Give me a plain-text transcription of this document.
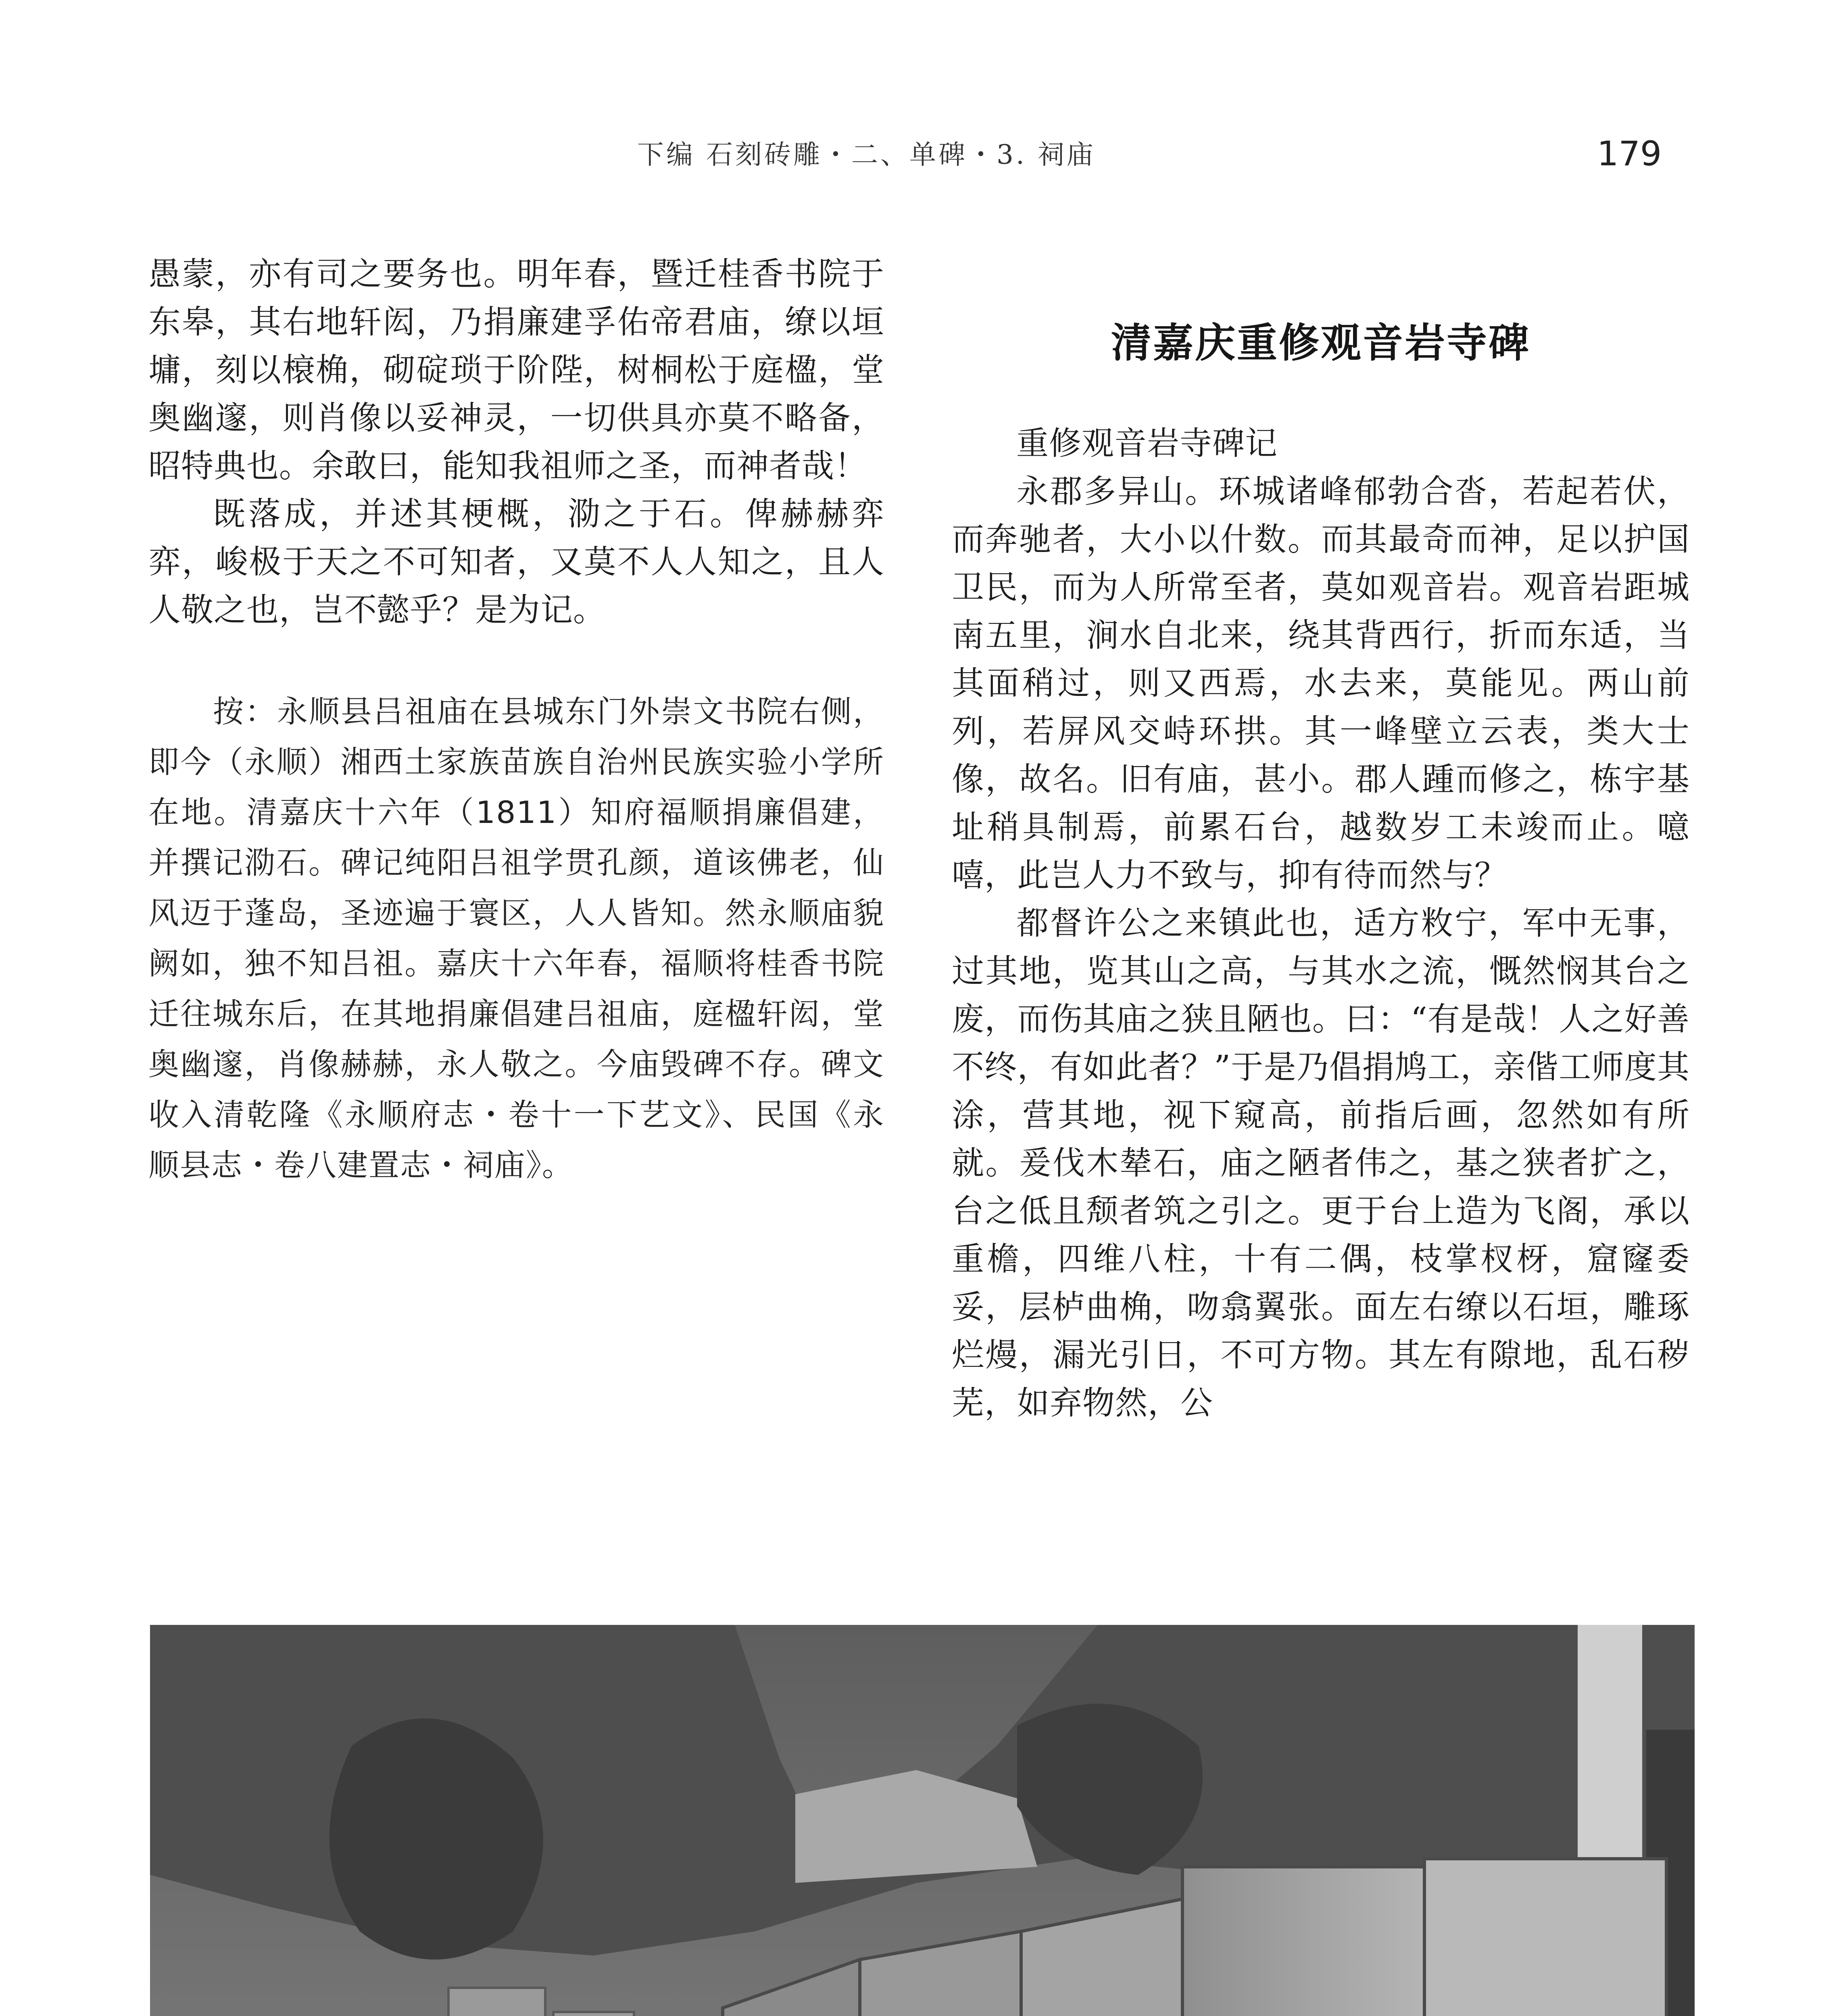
下编 石刻砖雕・二、单碑・3. 祠庙	179

愚蒙，亦有司之要务也。明年春，暨迁桂香书院于东皋，其右地轩闳，乃捐廉建孚佑帝君庙，缭以垣墉，刻以榱桷，砌碇琐于阶陛，树桐松于庭楹，堂奥幽邃，则肖像以妥神灵，一切供具亦莫不略备，昭特典也。余敢曰，能知我祖师之圣，而神者哉！

既落成，并述其梗概，泐之于石。俾赫赫弈弈，峻极于天之不可知者，又莫不人人知之，且人人敬之也，岂不懿乎？是为记。

按：永顺县吕祖庙在县城东门外崇文书院右侧，即今（永顺）湘西土家族苗族自治州民族实验小学所在地。清嘉庆十六年（1811）知府福顺捐廉倡建，并撰记泐石。碑记纯阳吕祖学贯孔颜，道该佛老，仙风迈于蓬岛，圣迹遍于寰区，人人皆知。然永顺庙貌阙如，独不知吕祖。嘉庆十六年春，福顺将桂香书院迁往城东后，在其地捐廉倡建吕祖庙，庭楹轩闳，堂奥幽邃，肖像赫赫，永人敬之。今庙毁碑不存。碑文收入清乾隆《永顺府志・卷十一下艺文》、民国《永顺县志・卷八建置志・祠庙》。

清嘉庆重修观音岩寺碑

重修观音岩寺碑记

永郡多异山。环城诸峰郁勃合沓，若起若伏，而奔驰者，大小以什数。而其最奇而神，足以护国卫民，而为人所常至者，莫如观音岩。观音岩距城南五里，涧水自北来，绕其背西行，折而东适，当其面稍过，则又西焉，水去来，莫能见。两山前列，若屏风交峙环拱。其一峰壁立云表，类大士像，故名。旧有庙，甚小。郡人踵而修之，栋宇基址稍具制焉，前累石台，越数岁工未竣而止。噫嘻，此岂人力不致与，抑有待而然与？

都督许公之来镇此也，适方敉宁，军中无事，过其地，览其山之高，与其水之流，慨然悯其台之废，而伤其庙之狭且陋也。曰：“有是哉！人之好善不终，有如此者？”于是乃倡捐鸠工，亲偕工师度其涂，营其地，视下窥高，前指后画，忽然如有所就。爰伐木辇石，庙之陋者伟之，基之狭者扩之，台之低且颓者筑之引之。更于台上造为飞阁，承以重檐，四维八柱，十有二偶，枝掌杈枒，窟窿委妥，层栌曲桷，吻翕翼张。面左右缭以石垣，雕琢烂熳，漏光引日，不可方物。其左有隙地，乱石秽芜，如弃物然，公
